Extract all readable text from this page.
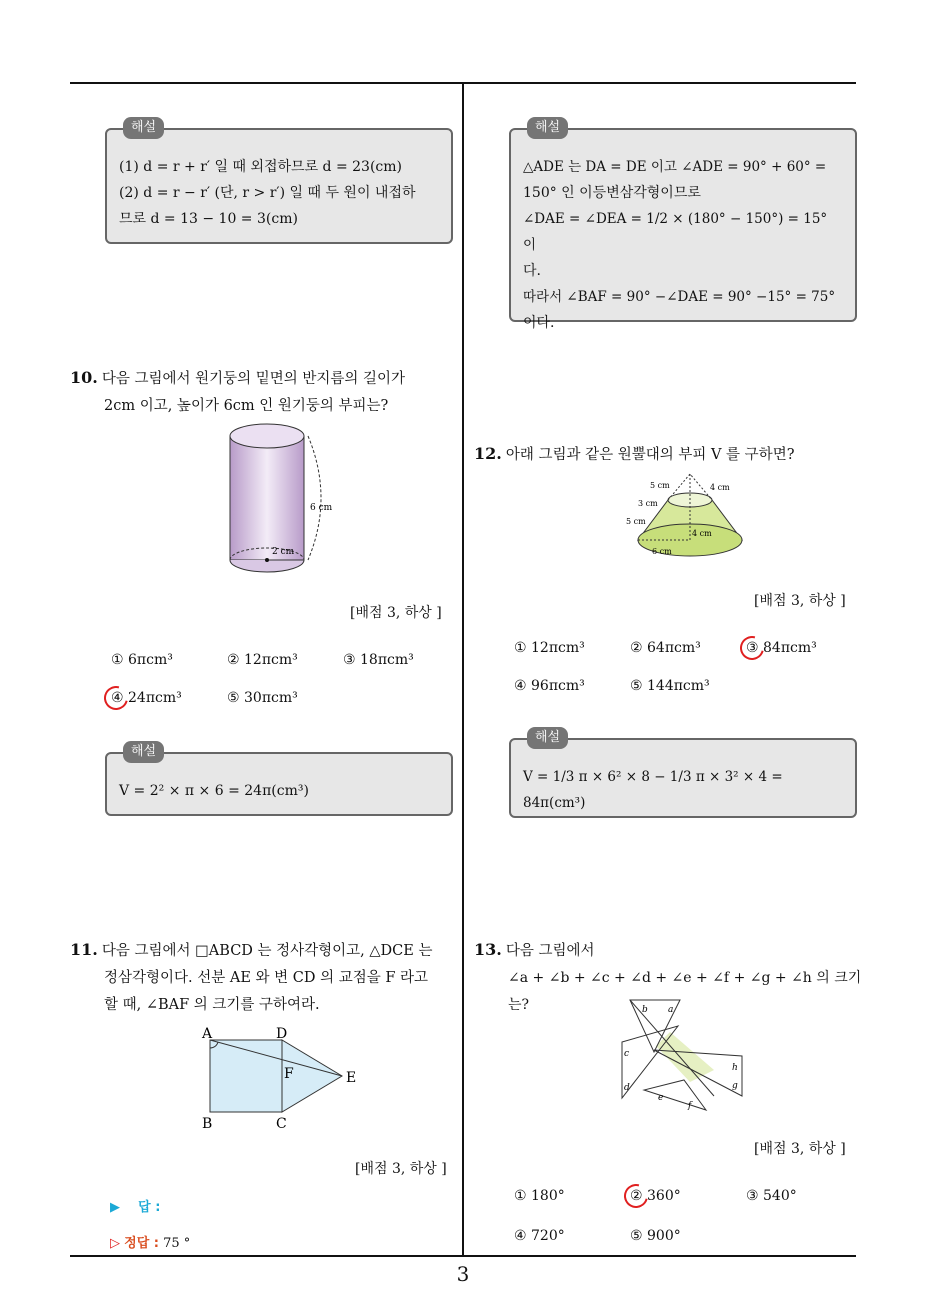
해설
(1) d = r + r′ 일 때 외접하므로 d = 23(cm)
(2) d = r − r′ (단, r > r′) 일 때 두 원이 내접하
므로 d = 13 − 10 = 3(cm)
해설
△ADE 는 DA = DE 이고 ∠ADE = 90° + 60° =
150° 인 이등변삼각형이므로
∠DAE = ∠DEA = 1/2 × (180° − 150°) = 15° 이
다.
따라서 ∠BAF = 90° −∠DAE = 90° −15° = 75°
이다.
10. 다음 그림에서 원기둥의 밑면의 반지름의 길이가
2cm 이고, 높이가 6cm 인 원기둥의 부피는?
6 cm
2 cm
[배점 3, 하상 ]
① 6πcm³	② 12πcm³	③ 18πcm³
④ 24πcm³	⑤ 30πcm³
해설
V = 2² × π × 6 = 24π(cm³)
11. 다음 그림에서 □ABCD 는 정사각형이고, △DCE 는
정삼각형이다. 선분 AE 와 변 CD 의 교점을 F 라고
할 때, ∠BAF 의 크기를 구하여라.
A	D
B	C
E
F
[배점 3, 하상 ]
▶ 답 :
▷ 정답 : 75 °
12. 아래 그림과 같은 원뿔대의 부피 V 를 구하면?
5 cm	4 cm
3 cm
5 cm
4 cm
6 cm
[배점 3, 하상 ]
① 12πcm³	② 64πcm³	③ 84πcm³
④ 96πcm³	⑤ 144πcm³
해설
V = 1/3 π × 6² × 8 − 1/3 π × 3² × 4 = 84π(cm³)
13. 다음 그림에서
∠a + ∠b + ∠c + ∠d + ∠e + ∠f + ∠g + ∠h 의 크기는?	b a
c
d
e
f
h
g
[배점 3, 하상 ]
① 180°	② 360°	③ 540°
④ 720°	⑤ 900°
3
